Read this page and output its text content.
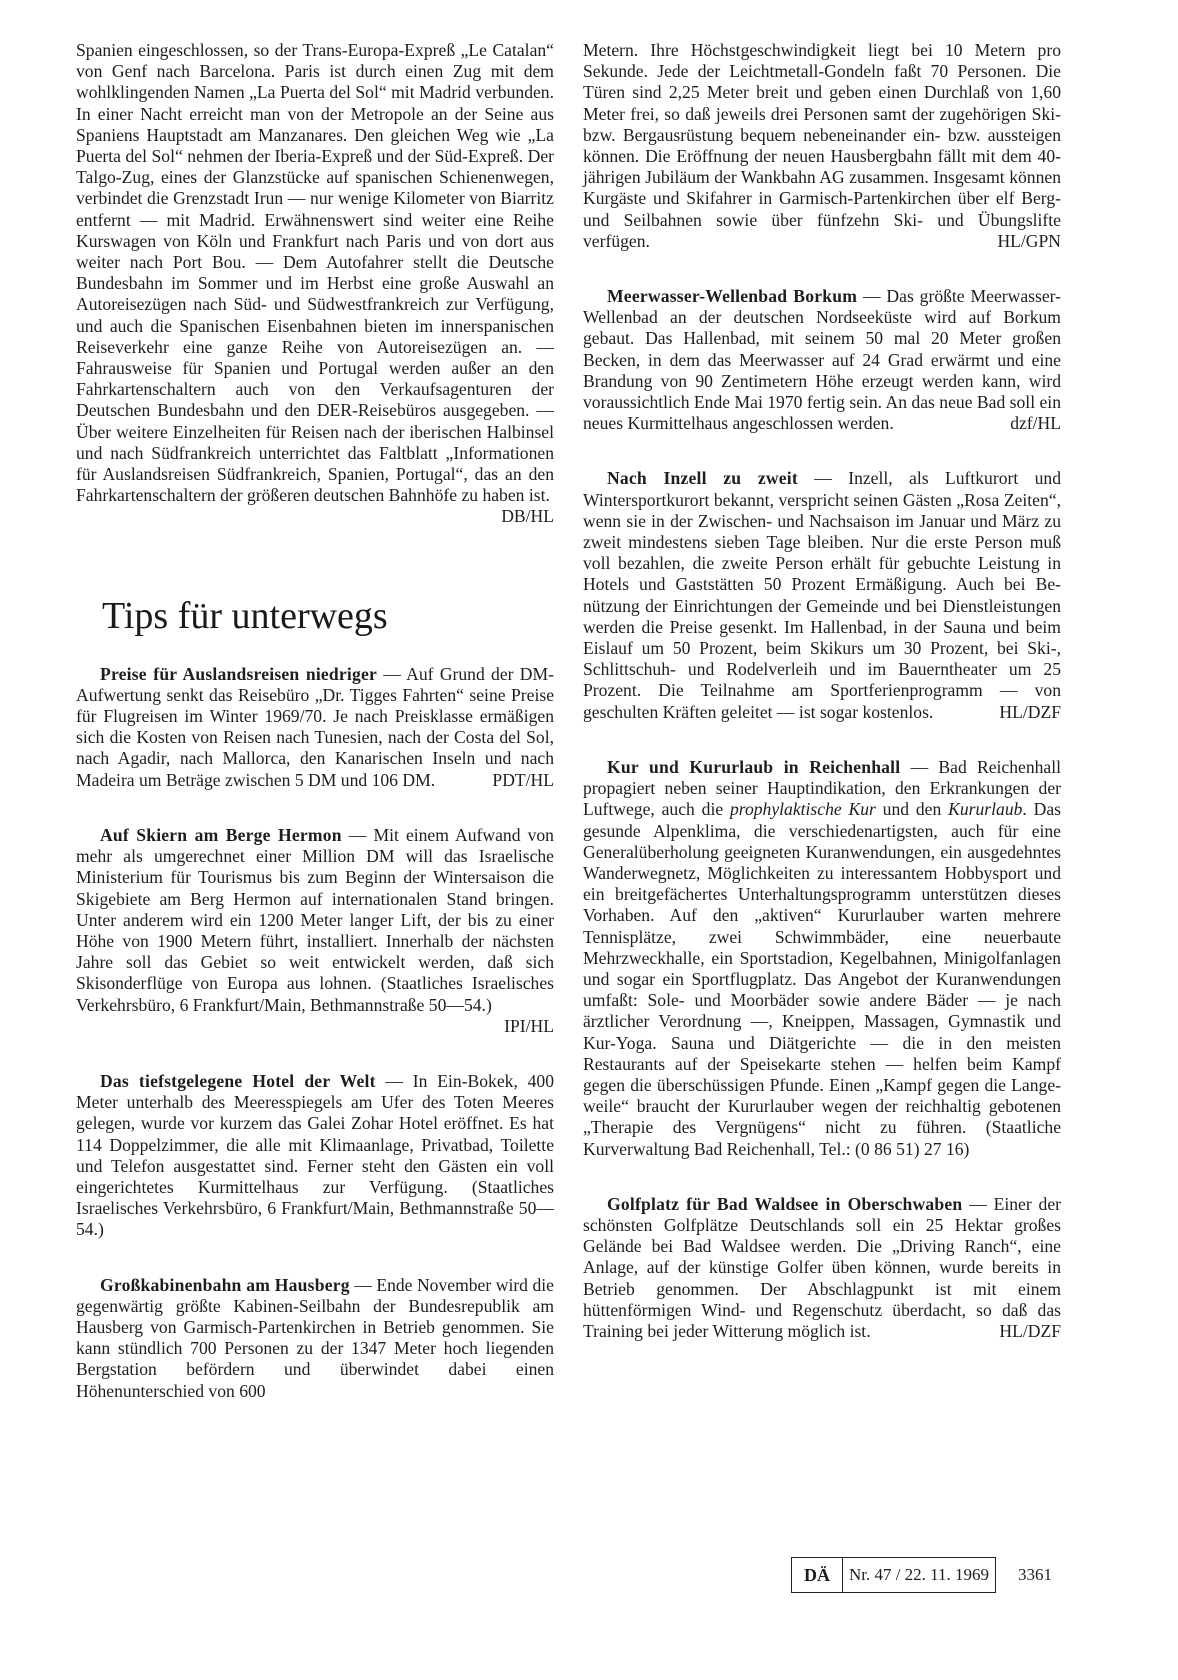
Spanien eingeschlossen, so der Trans-Europa-Expreß „Le Catalan“ von Genf nach Barcelona. Paris ist durch einen Zug mit dem wohlklingenden Namen „La Puerta del Sol“ mit Madrid verbunden. In einer Nacht erreicht man von der Metropole an der Seine aus Spaniens Hauptstadt am Manzanares. Den gleichen Weg wie „La Puerta del Sol“ nehmen der Iberia-Expreß und der Süd-Expreß. Der Talgo-Zug, eines der Glanzstücke auf spanischen Schienenwegen, verbindet die Grenzstadt Irun — nur wenige Kilometer von Biarritz entfernt — mit Madrid. Erwähnenswert sind weiter eine Reihe Kurswagen von Köln und Frankfurt nach Paris und von dort aus weiter nach Port Bou. — Dem Autofahrer stellt die Deutsche Bundesbahn im Sommer und im Herbst eine große Auswahl an Autoreisezügen nach Süd- und Südwestfrankreich zur Verfügung, und auch die Spanischen Eisenbahnen bieten im innerspanischen Reiseverkehr eine ganze Reihe von Autoreisezügen an. — Fahrausweise für Spanien und Portugal werden außer an den Fahrkartenschaltern auch von den Verkaufsagenturen der Deutschen Bundesbahn und den DER-Reisebüros ausgegeben. — Über weitere Einzelheiten für Reisen nach der iberischen Halbinsel und nach Südfrankreich unterrichtet das Faltblatt „Informationen für Auslandsreisen Südfrankreich, Spanien, Portugal“, das an den Fahrkartenschaltern der größeren deutschen Bahnhöfe zu haben ist.
DB/HL

Tips für unterwegs

Preise für Auslandsreisen niedriger — Auf Grund der DM-Aufwertung senkt das Reisebüro „Dr. Tigges Fahrten“ seine Preise für Flugreisen im Winter 1969/70. Je nach Preisklasse ermäßigen sich die Kosten von Reisen nach Tunesien, nach der Costa del Sol, nach Agadir, nach Mallorca, den Kanarischen Inseln und nach Madeira um Beträge zwischen 5 DM und 106 DM.	PDT/HL

Auf Skiern am Berge Hermon — Mit einem Aufwand von mehr als umgerechnet einer Million DM will das Israelische Ministerium für Tourismus bis zum Beginn der Wintersaison die Skigebiete am Berg Hermon auf internationalen Stand bringen. Unter anderem wird ein 1200 Meter langer Lift, der bis zu einer Höhe von 1900 Metern führt, installiert. Innerhalb der nächsten Jahre soll das Gebiet so weit entwickelt werden, daß sich Skisonderflüge von Europa aus lohnen. (Staatliches Israelisches Verkehrsbüro, 6 Frankfurt/Main, Bethmannstraße 50—54.)
IPI/HL

Das tiefstgelegene Hotel der Welt — In Ein-Bokek, 400 Meter unterhalb des Meeresspiegels am Ufer des Toten Meeres gelegen, wurde vor kurzem das Galei Zohar Hotel eröffnet. Es hat 114 Doppelzimmer, die alle mit Klimaanlage, Privatbad, Toilette und Telefon ausgestattet sind. Ferner steht den Gästen ein voll eingerichtetes Kurmittelhaus zur Verfügung. (Staatliches Israelisches Verkehrsbüro, 6 Frankfurt/Main, Bethmannstraße 50—54.)

Großkabinenbahn am Hausberg — Ende November wird die gegenwärtig größte Kabinen-Seilbahn der Bundesrepublik am Hausberg von Garmisch-Partenkirchen in Betrieb genommen. Sie kann stündlich 700 Personen zu der 1347 Meter hoch liegenden Bergstation befördern und überwindet dabei einen Höhenunterschied von 600

Metern. Ihre Höchstgeschwindigkeit liegt bei 10 Metern pro Sekunde. Jede der Leichtmetall-Gondeln faßt 70 Personen. Die Türen sind 2,25 Meter breit und geben einen Durchlaß von 1,60 Meter frei, so daß jeweils drei Personen samt der zugehörigen Ski- bzw. Bergausrüstung bequem nebeneinander ein- bzw. aussteigen können. Die Eröffnung der neuen Hausbergbahn fällt mit dem 40-jährigen Jubiläum der Wankbahn AG zusammen. Insgesamt können Kurgäste und Skifahrer in Garmisch-Partenkirchen über elf Berg- und Seilbahnen sowie über fünfzehn Ski- und Übungslifte verfügen.	HL/GPN

Meerwasser-Wellenbad Borkum — Das größte Meerwasser-Wellenbad an der deutschen Nordseeküste wird auf Borkum gebaut. Das Hallenbad, mit seinem 50 mal 20 Meter großen Becken, in dem das Meerwasser auf 24 Grad erwärmt und eine Brandung von 90 Zentimetern Höhe erzeugt werden kann, wird voraussichtlich Ende Mai 1970 fertig sein. An das neue Bad soll ein neues Kurmittelhaus angeschlossen werden.	dzf/HL

Nach Inzell zu zweit — Inzell, als Luftkurort und Wintersportkurort bekannt, verspricht seinen Gästen „Rosa Zeiten“, wenn sie in der Zwischen- und Nachsaison im Januar und März zu zweit mindestens sieben Tage bleiben. Nur die erste Person muß voll bezahlen, die zweite Person erhält für gebuchte Leistung in Hotels und Gaststätten 50 Prozent Ermäßigung. Auch bei Benützung der Einrichtungen der Gemeinde und bei Dienstleistungen werden die Preise gesenkt. Im Hallenbad, in der Sauna und beim Eislauf um 50 Prozent, beim Skikurs um 30 Prozent, bei Ski-, Schlittschuh- und Rodelverleih und im Bauerntheater um 25 Prozent. Die Teilnahme am Sportferienprogramm — von geschulten Kräften geleitet — ist sogar kostenlos.	HL/DZF

Kur und Kururlaub in Reichenhall — Bad Reichenhall propagiert neben seiner Hauptindikation, den Erkrankungen der Luftwege, auch die prophylaktische Kur und den Kururlaub. Das gesunde Alpenklima, die verschiedenartigsten, auch für eine Generalüberholung geeigneten Kuranwendungen, ein ausgedehntes Wanderwegnetz, Möglichkeiten zu interessantem Hobbysport und ein breitgefächertes Unterhaltungsprogramm unterstützen dieses Vorhaben. Auf den „aktiven“ Kururlauber warten mehrere Tennisplätze, zwei Schwimmbäder, eine neuerbaute Mehrzweckhalle, ein Sportstadion, Kegelbahnen, Minigolfanlagen und sogar ein Sportflugplatz. Das Angebot der Kuranwendungen umfaßt: Sole- und Moorbäder sowie andere Bäder — je nach ärztlicher Verordnung —, Kneippen, Massagen, Gymnastik und Kur-Yoga. Sauna und Diätgerichte — die in den meisten Restaurants auf der Speisekarte stehen — helfen beim Kampf gegen die überschüssigen Pfunde. Einen „Kampf gegen die Langeweile“ braucht der Kururlauber wegen der reichhaltig gebotenen „Therapie des Vergnügens“ nicht zu führen. (Staatliche Kurverwaltung Bad Reichenhall, Tel.: (0 86 51) 27 16)

Golfplatz für Bad Waldsee in Oberschwaben — Einer der schönsten Golfplätze Deutschlands soll ein 25 Hektar großes Gelände bei Bad Waldsee werden. Die „Driving Ranch“, eine Anlage, auf der künstige Golfer üben können, wurde bereits in Betrieb genommen. Der Abschlagpunkt ist mit einem hüttenförmigen Wind- und Regenschutz überdacht, so daß das Training bei jeder Witterung möglich ist.	HL/DZF

DÄ	Nr. 47 / 22. 11. 1969	3361
